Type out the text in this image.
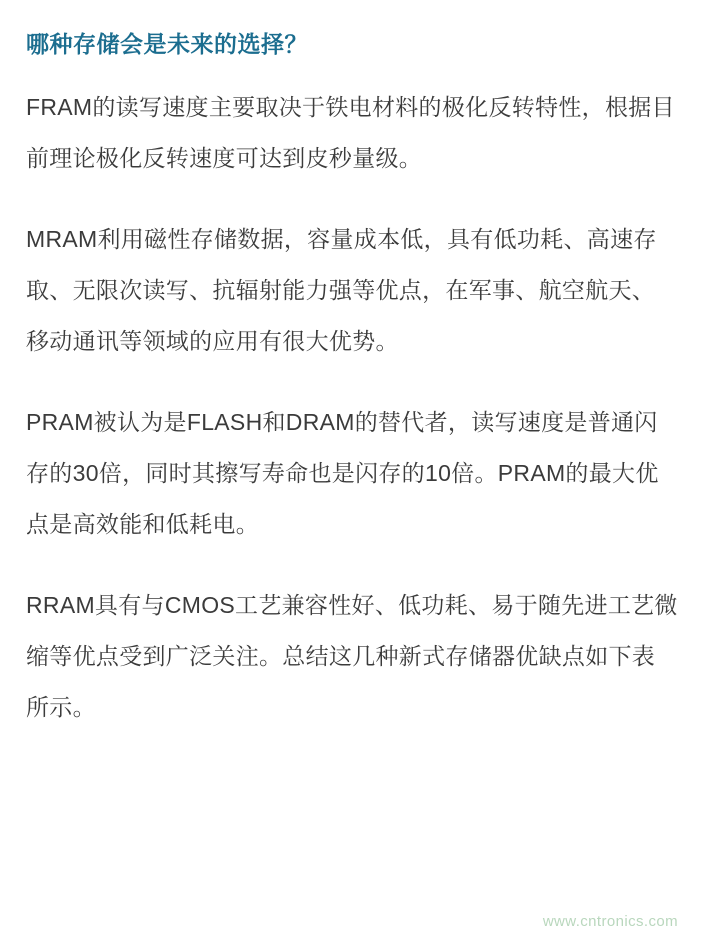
哪种存储会是未来的选择？

FRAM的读写速度主要取决于铁电材料的极化反转特性，根据目前理论极化反转速度可达到皮秒量级。

MRAM利用磁性存储数据，容量成本低，具有低功耗、高速存取、无限次读写、抗辐射能力强等优点，在军事、航空航天、移动通讯等领域的应用有很大优势。

PRAM被认为是FLASH和DRAM的替代者，读写速度是普通闪存的30倍，同时其擦写寿命也是闪存的10倍。PRAM的最大优点是高效能和低耗电。

RRAM具有与CMOS工艺兼容性好、低功耗、易于随先进工艺微缩等优点受到广泛关注。总结这几种新式存储器优缺点如下表所示。

www.cntronics.com
